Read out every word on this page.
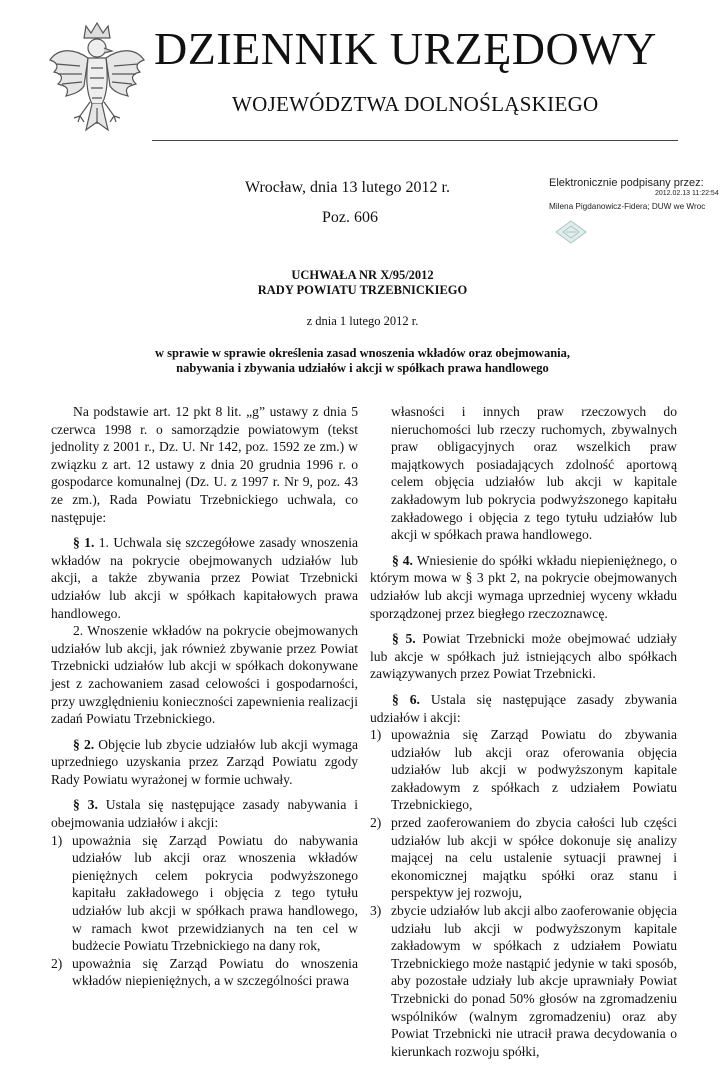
DZIENNIK URZĘDOWY
WOJEWÓDZTWA DOLNOŚLĄSKIEGO
Wrocław, dnia 13 lutego 2012 r.
Poz. 606
Elektronicznie podpisany przez:
2012.02.13 11:22:54
Milena Pigdanowicz-Fidera; DUW we Wroc
UCHWAŁA NR X/95/2012
RADY POWIATU TRZEBNICKIEGO
z dnia 1 lutego 2012 r.
w sprawie w sprawie określenia zasad wnoszenia wkładów oraz obejmowania,
nabywania i zbywania udziałów i akcji w spółkach prawa handlowego

Na podstawie art. 12 pkt 8 lit. „g” ustawy z dnia 5 czerwca 1998 r. o samorządzie powiatowym (tekst jednolity z 2001 r., Dz. U. Nr 142, poz. 1592 ze zm.) w związku z art. 12 ustawy z dnia 20 grudnia 1996 r. o gospodarce komunalnej (Dz. U. z 1997 r. Nr 9, poz. 43 ze zm.), Rada Powiatu Trzebnickiego uchwala, co następuje:

§ 1. 1. Uchwala się szczegółowe zasady wnoszenia wkładów na pokrycie obejmowanych udziałów lub akcji, a także zbywania przez Powiat Trzebnicki udziałów lub akcji w spółkach kapitałowych prawa handlowego.

2. Wnoszenie wkładów na pokrycie obejmowanych udziałów lub akcji, jak również zbywanie przez Powiat Trzebnicki udziałów lub akcji w spółkach dokonywane jest z zachowaniem zasad celowości i gospodarności, przy uwzględnieniu konieczności zapewnienia realizacji zadań Powiatu Trzebnickiego.

§ 2. Objęcie lub zbycie udziałów lub akcji wymaga uprzedniego uzyskania przez Zarząd Powiatu zgody Rady Powiatu wyrażonej w formie uchwały.

§ 3. Ustala się następujące zasady nabywania i obejmowania udziałów i akcji:

1) upoważnia się Zarząd Powiatu do nabywania udziałów lub akcji oraz wnoszenia wkładów pieniężnych celem pokrycia podwyższonego kapitału zakładowego i objęcia z tego tytułu udziałów lub akcji w spółkach prawa handlowego, w ramach kwot przewidzianych na ten cel w budżecie Powiatu Trzebnickiego na dany rok,
2) upoważnia się Zarząd Powiatu do wnoszenia wkładów niepieniężnych, a w szczególności prawa

własności i innych praw rzeczowych do nieruchomości lub rzeczy ruchomych, zbywalnych praw obligacyjnych oraz wszelkich praw majątkowych posiadających zdolność aportową celem objęcia udziałów lub akcji w kapitale zakładowym lub pokrycia podwyższonego kapitału zakładowego i objęcia z tego tytułu udziałów lub akcji w spółkach prawa handlowego.

§ 4. Wniesienie do spółki wkładu niepieniężnego, o którym mowa w § 3 pkt 2, na pokrycie obejmowanych udziałów lub akcji wymaga uprzedniej wyceny wkładu sporządzonej przez biegłego rzeczoznawcę.

§ 5. Powiat Trzebnicki może obejmować udziały lub akcje w spółkach już istniejących albo spółkach zawiązywanych przez Powiat Trzebnicki.

§ 6. Ustala się następujące zasady zbywania udziałów i akcji:

1) upoważnia się Zarząd Powiatu do zbywania udziałów lub akcji oraz oferowania objęcia udziałów lub akcji w podwyższonym kapitale zakładowym z spółkach z udziałem Powiatu Trzebnickiego,
2) przed zaoferowaniem do zbycia całości lub części udziałów lub akcji w spółce dokonuje się analizy mającej na celu ustalenie sytuacji prawnej i ekonomicznej majątku spółki oraz stanu i perspektyw jej rozwoju,
3) zbycie udziałów lub akcji albo zaoferowanie objęcia udziału lub akcji w podwyższonym kapitale zakładowym w spółkach z udziałem Powiatu Trzebnickiego może nastąpić jedynie w taki sposób, aby pozostałe udziały lub akcje uprawniały Powiat Trzebnicki do ponad 50% głosów na zgromadzeniu wspólników (walnym zgromadzeniu) oraz aby Powiat Trzebnicki nie utracił prawa decydowania o kierunkach rozwoju spółki,
